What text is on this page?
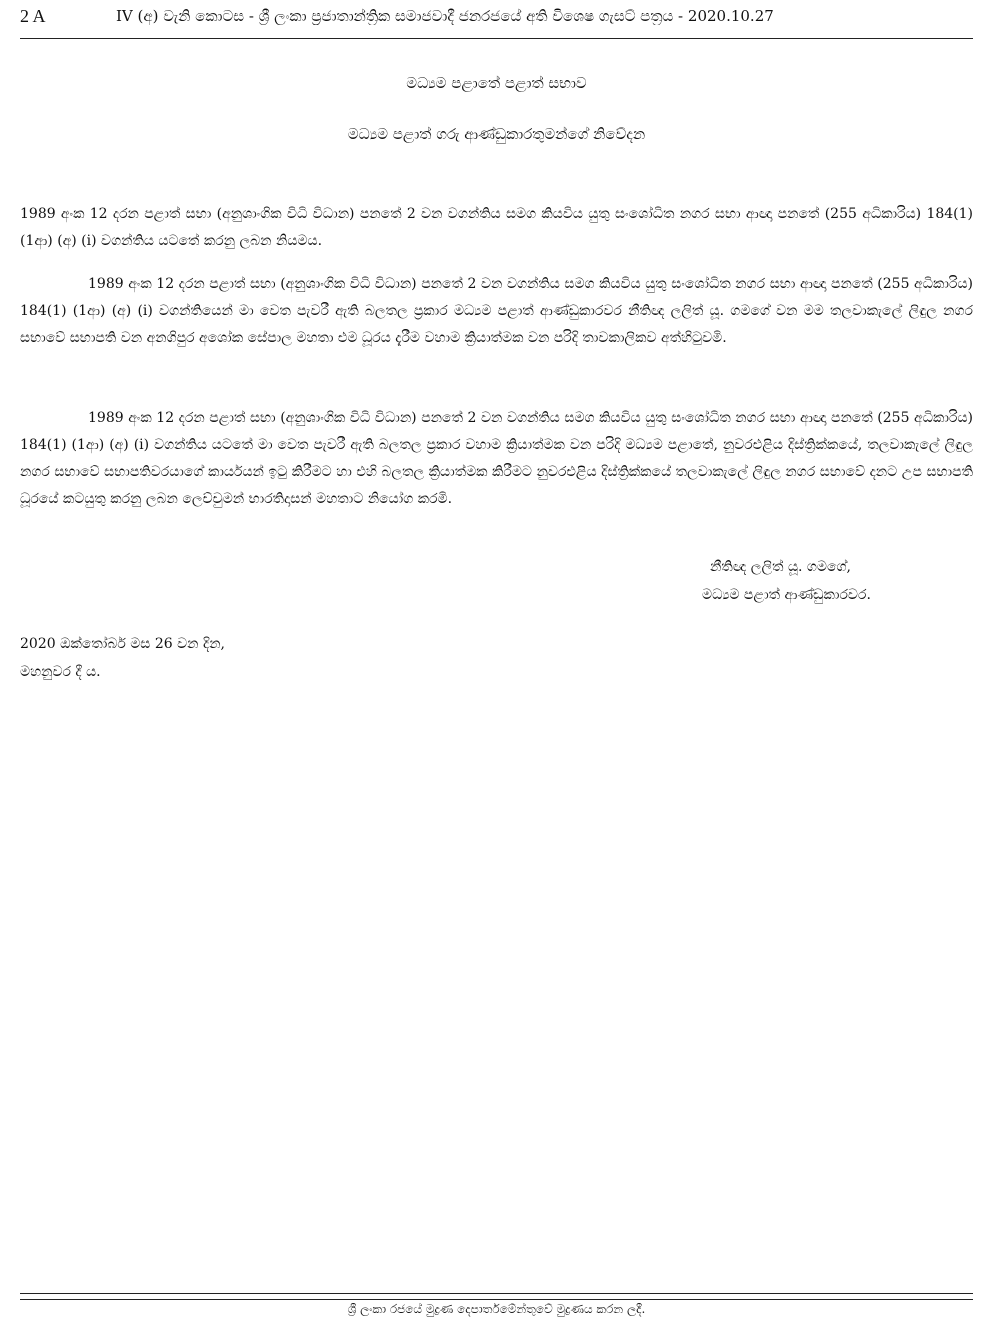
2 A	IV (අ) වැනි කොටස - ශ්‍රී ලංකා ප්‍රජාතාන්ත්‍රික සමාජවාදී ජනරජයේ අති විශෙෂ ගැසට් පත්‍රය - 2020.10.27
මධ්‍යම පළාතේ පළාත් සභාව
මධ්‍යම පළාත් ගරු ආණ්ඩුකාරතුමන්ගේ නිවේදන

1989 අංක 12 දරන පළාත් සභා (අනුශාංගික විධි විධාන) පනතේ 2 වන වගන්තිය සමග කියවිය යුතු සංශෝධිත නගර සභා ආඥා පනතේ (255 අධිකාරිය) 184(1) (1ආ) (අ) (i) වගන්තිය යටතේ කරනු ලබන නියමය.

1989 අංක 12 දරන පළාත් සභා (අනුශාංගික විධි විධාන) පනතේ 2 වන වගන්තිය සමග කියවිය යුතු සංශෝධිත නගර සභා ආඥා පනතේ (255 අධිකාරිය) 184(1) (1ආ) (අ) (i) වගන්තියෙන් මා වෙත පැවරී ඇති බලතල ප්‍රකාර මධ්‍යම පළාත් ආණ්ඩුකාරවර නීතිඥ ලලිත් යූ. ගමගේ වන මම තලවාකැලේ ලිඳුල නගර සභාවේ සභාපති වන අනගිපුර අශෝක සේපාල මහතා එම ධූරය දැරීම වහාම ක්‍රියාත්මක වන පරිදි තාවකාලිකව අත්හිටුවමි.

1989 අංක 12 දරන පළාත් සභා (අනුශාංගික විධි විධාන) පනතේ 2 වන වගන්තිය සමග කියවිය යුතු සංශෝධිත නගර සභා ආඥා පනතේ (255 අධිකාරිය) 184(1) (1ආ) (අ) (i) වගන්තිය යටතේ මා වෙත පැවරී ඇති බලතල ප්‍රකාර වහාම ක්‍රියාත්මක වන පරිදි මධ්‍යම පළාතේ, නුවරඑළිය දිස්ත්‍රික්කයේ, තලවාකැලේ ලිඳුල නගර සභාවේ සභාපතිවරයාගේ කාර්යයන් ඉටු කිරීමට හා එහි බලතල ක්‍රියාත්මක කිරීමට නුවරඑළිය දිස්ත්‍රික්කයේ තලවාකැලේ ලිඳුල නගර සභාවේ දනට උප සභාපති ධූරයේ කටයුතු කරනු ලබන ලෙච්චුමන් භාරතිදාසන් මහතාට නියෝග කරමි.

නීතිඥ ලලිත් යූ. ගමගේ,
මධ්‍යම පළාත් ආණ්ඩුකාරවර.
2020 ඔක්තෝබර් මස 26 වන දින,
මහනුවර දී ය.
ශ්‍රී ලංකා රජයේ මුද්‍රණ දෙපාර්තමේන්තුවේ මුද්‍රණය කරන ලදී.
